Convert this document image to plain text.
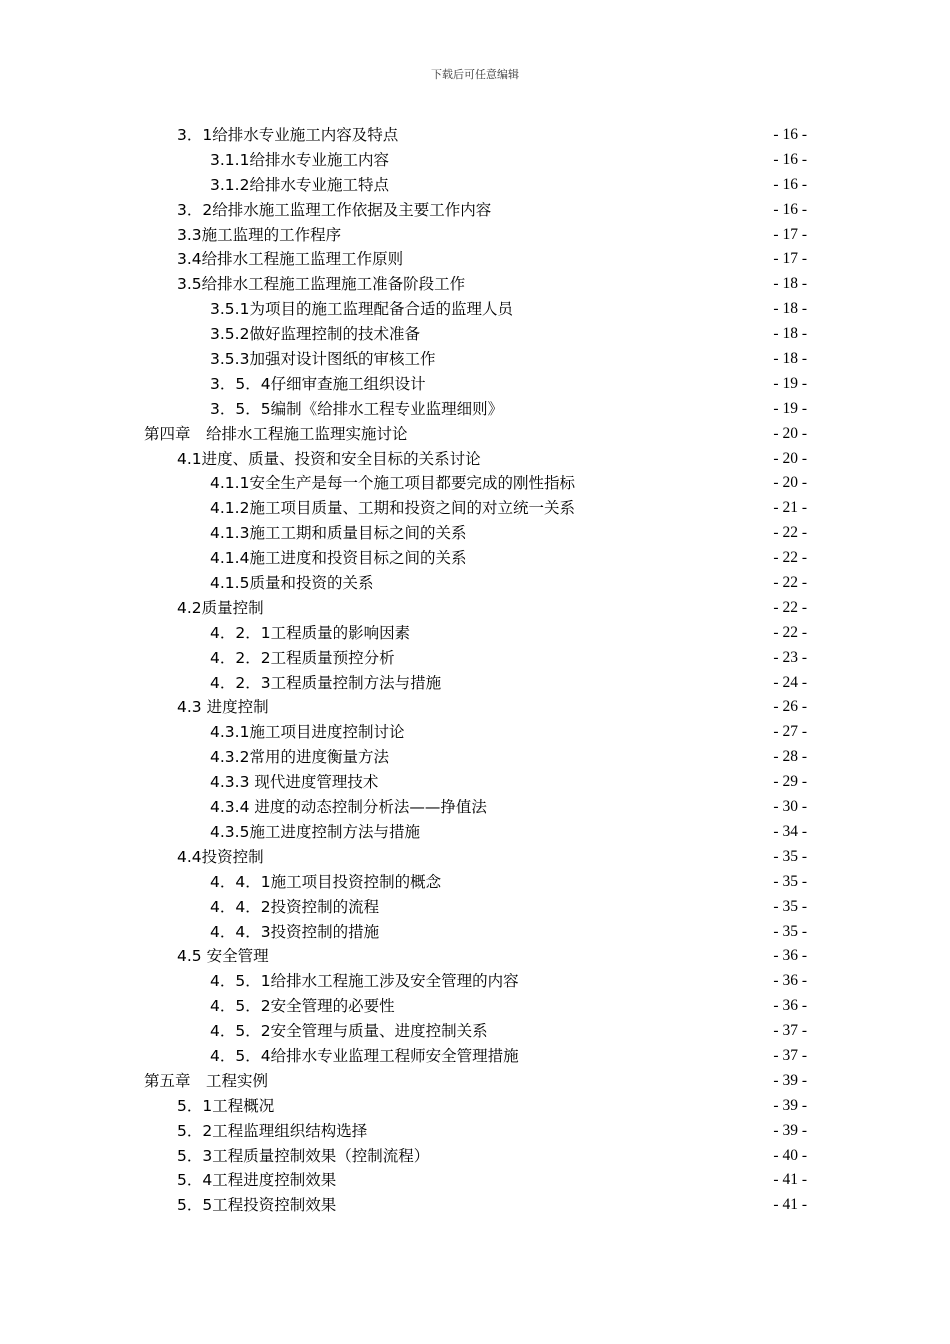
下载后可任意编辑
3．1给排水专业施工内容及特点	- 16 -
3.1.1给排水专业施工内容	- 16 -
3.1.2给排水专业施工特点	- 16 -
3．2给排水施工监理工作依据及主要工作内容	- 16 -
3.3施工监理的工作程序	- 17 -
3.4给排水工程施工监理工作原则	- 17 -
3.5给排水工程施工监理施工准备阶段工作	- 18 -
3.5.1为项目的施工监理配备合适的监理人员	- 18 -
3.5.2做好监理控制的技术准备	- 18 -
3.5.3加强对设计图纸的审核工作	- 18 -
3．5．4仔细审查施工组织设计	- 19 -
3．5．5编制《给排水工程专业监理细则》	- 19 -
第四章　给排水工程施工监理实施讨论	- 20 -
4.1进度、质量、投资和安全目标的关系讨论	- 20 -
4.1.1安全生产是每一个施工项目都要完成的刚性指标	- 20 -
4.1.2施工项目质量、工期和投资之间的对立统一关系	- 21 -
4.1.3施工工期和质量目标之间的关系	- 22 -
4.1.4施工进度和投资目标之间的关系	- 22 -
4.1.5质量和投资的关系	- 22 -
4.2质量控制	- 22 -
4．2．1工程质量的影响因素	- 22 -
4．2．2工程质量预控分析	- 23 -
4．2．3工程质量控制方法与措施	- 24 -
4.3 进度控制	- 26 -
4.3.1施工项目进度控制讨论	- 27 -
4.3.2常用的进度衡量方法	- 28 -
4.3.3 现代进度管理技术	- 29 -
4.3.4 进度的动态控制分析法——挣值法	- 30 -
4.3.5施工进度控制方法与措施	- 34 -
4.4投资控制	- 35 -
4．4．1施工项目投资控制的概念	- 35 -
4．4．2投资控制的流程	- 35 -
4．4．3投资控制的措施	- 35 -
4.5 安全管理	- 36 -
4．5．1给排水工程施工涉及安全管理的内容	- 36 -
4．5．2安全管理的必要性	- 36 -
4．5．2安全管理与质量、进度控制关系	- 37 -
4．5．4给排水专业监理工程师安全管理措施	- 37 -
第五章　工程实例	- 39 -
5．1工程概况	- 39 -
5．2工程监理组织结构选择	- 39 -
5．3工程质量控制效果（控制流程）	- 40 -
5．4工程进度控制效果	- 41 -
5．5工程投资控制效果	- 41 -
